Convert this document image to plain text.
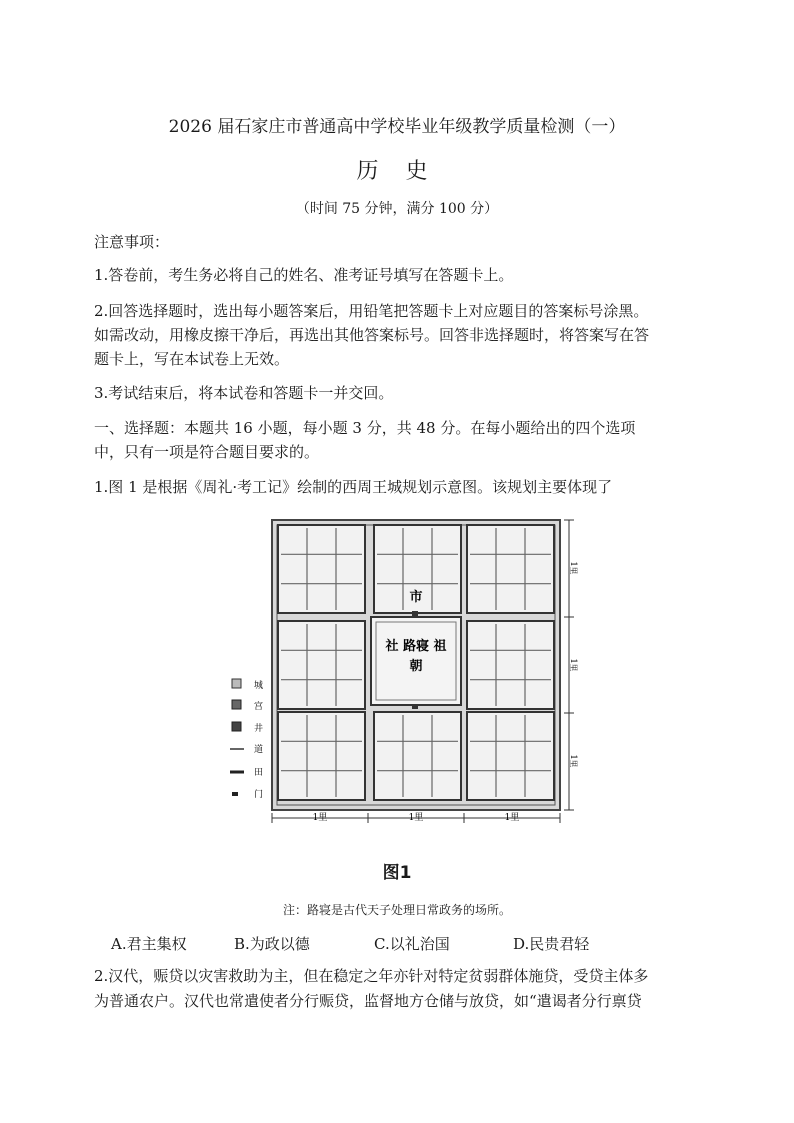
2026 届石家庄市普通高中学校毕业年级教学质量检测（一）
历 史
（时间 75 分钟，满分 100 分）
注意事项：
1.答卷前，考生务必将自己的姓名、准考证号填写在答题卡上。
2.回答选择题时，选出每小题答案后，用铅笔把答题卡上对应题目的答案标号涂黑。
如需改动，用橡皮擦干净后，再选出其他答案标号。回答非选择题时，将答案写在答
题卡上，写在本试卷上无效。
3.考试结束后，将本试卷和答题卡一并交回。
一、选择题：本题共 16 小题，每小题 3 分，共 48 分。在每小题给出的四个选项
中，只有一项是符合题目要求的。
1.图 1 是根据《周礼·考工记》绘制的西周王城规划示意图。该规划主要体现了
社 路寝 祖
朝
市
城
宫
井
道
田
门
1里	1里	1里
1里
1里
1里
图1
注：路寝是古代天子处理日常政务的场所。
A.君主集权	B.为政以德	C.以礼治国	D.民贵君轻
2.汉代，赈贷以灾害救助为主，但在稳定之年亦针对特定贫弱群体施贷，受贷主体多
为普通农户。汉代也常遣使者分行赈贷，监督地方仓储与放贷，如“遣谒者分行禀贷
